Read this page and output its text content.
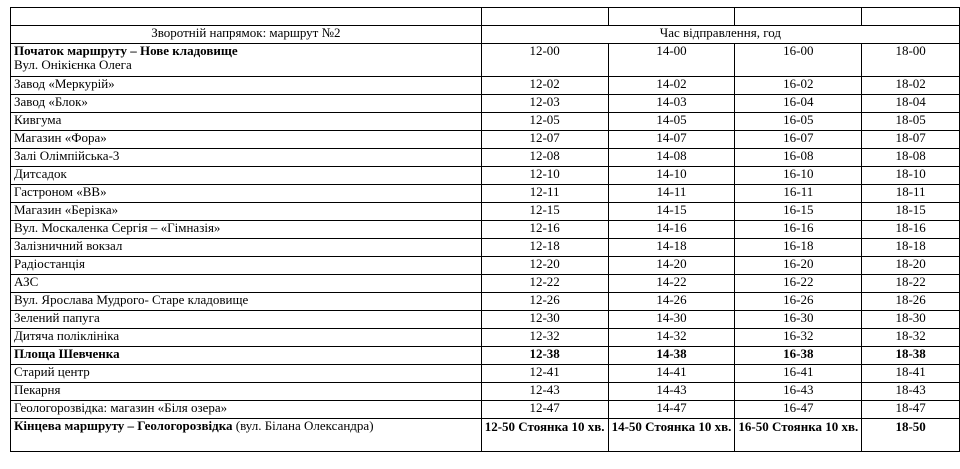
Зворотній напрямок: маршрут №2	Час відправлення, год			
Початок маршруту – Нове кладовище
Вул. Онікієнка Олега	12-00	14-00	16-00	18-00
Завод «Меркурій»	12-02	14-02	16-02	18-02
Завод «Блок»	12-03	14-03	16-04	18-04
Кивгума	12-05	14-05	16-05	18-05
Магазин «Фора»	12-07	14-07	16-07	18-07
Залі Олімпійська-3	12-08	14-08	16-08	18-08
Дитсадок	12-10	14-10	16-10	18-10
Гастроном «ВВ»	12-11	14-11	16-11	18-11
Магазин «Берізка»	12-15	14-15	16-15	18-15
Вул. Москаленка Сергія – «Гімназія»	12-16	14-16	16-16	18-16
Залізничний вокзал	12-18	14-18	16-18	18-18
Радіостанція	12-20	14-20	16-20	18-20
АЗС	12-22	14-22	16-22	18-22
Вул. Ярослава Мудрого- Старе кладовище	12-26	14-26	16-26	18-26
Зелений папуга	12-30	14-30	16-30	18-30
Дитяча поліклініка	12-32	14-32	16-32	18-32
Площа Шевченка	12-38	14-38	16-38	18-38
Старий центр	12-41	14-41	16-41	18-41
Пекарня	12-43	14-43	16-43	18-43
Геологорозвідка: магазин «Біля озера»	12-47	14-47	16-47	18-47
Кінцева маршруту – Геологорозвідка (вул. Білана Олександра)	12-50 Стоянка 10 хв.	14-50 Стоянка 10 хв.	16-50 Стоянка 10 хв.	18-50
